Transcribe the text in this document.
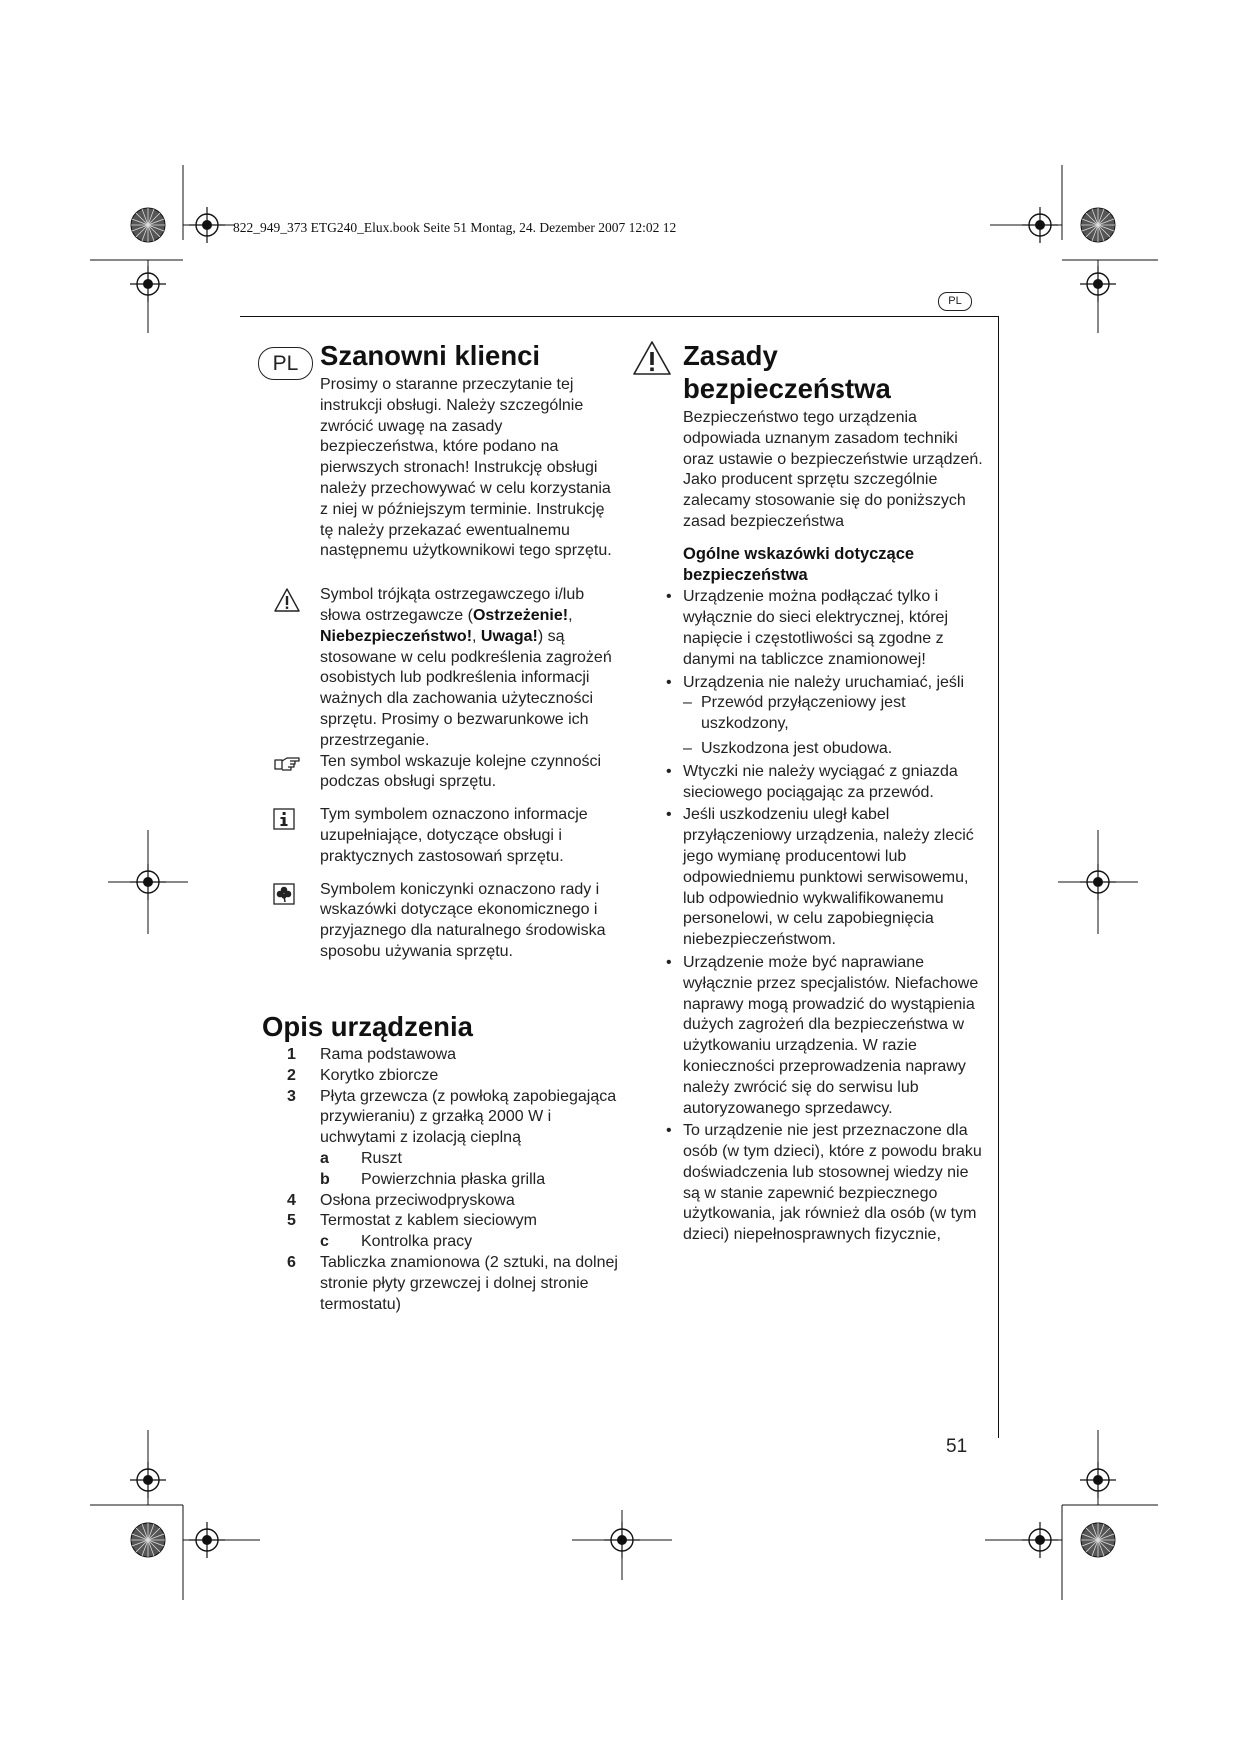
822_949_373 ETG240_Elux.book Seite 51 Montag, 24. Dezember 2007 12:02 12
PL
PL Szanowni klienci

Prosimy o staranne przeczytanie tej instrukcji obsługi. Należy szczególnie zwrócić uwagę na zasady bezpieczeństwa, które podano na pierwszych stronach! Instrukcję obsługi należy przechowywać w celu korzystania z niej w późniejszym terminie. Instrukcję tę należy przekazać ewentualnemu następnemu użytkownikowi tego sprzętu.

Symbol trójkąta ostrzegawczego i/lub słowa ostrzegawcze (Ostrzeżenie!, Niebezpieczeństwo!, Uwaga!) są stosowane w celu podkreślenia zagrożeń osobistych lub podkreślenia informacji ważnych dla zachowania użyteczności sprzętu. Prosimy o bezwarunkowe ich przestrzeganie.

Ten symbol wskazuje kolejne czynności podczas obsługi sprzętu.

Tym symbolem oznaczono informacje uzupełniające, dotyczące obsługi i praktycznych zastosowań sprzętu.

Symbolem koniczynki oznaczono rady i wskazówki dotyczące ekonomicznego i przyjaznego dla naturalnego środowiska sposobu używania sprzętu.

Opis urządzenia
1	Rama podstawowa
2	Korytko zbiorcze
3	Płyta grzewcza (z powłoką zapobiegająca przywieraniu) z grzałką 2000 W i uchwytami z izolacją cieplną
a	Ruszt
b	Powierzchnia płaska grilla
4	Osłona przeciwodpryskowa
5	Termostat z kablem sieciowym
c	Kontrolka pracy
6	Tabliczka znamionowa (2 sztuki, na dolnej stronie płyty grzewczej i dolnej stronie termostatu)
Zasady bezpieczeństwa

Bezpieczeństwo tego urządzenia odpowiada uznanym zasadom techniki oraz ustawie o bezpieczeństwie urządzeń. Jako producent sprzętu szczególnie zalecamy stosowanie się do poniższych zasad bezpieczeństwa

Ogólne wskazówki dotyczące bezpieczeństwa
• Urządzenie można podłączać tylko i wyłącznie do sieci elektrycznej, której napięcie i częstotliwości są zgodne z danymi na tabliczce znamionowej!

• Urządzenia nie należy uruchamiać, jeśli

– Przewód przyłączeniowy jest uszkodzony,
– Uszkodzona jest obudowa.
• Wtyczki nie należy wyciągać z gniazda sieciowego pociągając za przewód.

• Jeśli uszkodzeniu uległ kabel przyłączeniowy urządzenia, należy zlecić jego wymianę producentowi lub odpowiedniemu punktowi serwisowemu, lub odpowiednio wykwalifikowanemu personelowi, w celu zapobiegnięcia niebezpieczeństwom.

• Urządzenie może być naprawiane wyłącznie przez specjalistów. Niefachowe naprawy mogą prowadzić do wystąpienia dużych zagrożeń dla bezpieczeństwa w użytkowaniu urządzenia. W razie konieczności przeprowadzenia naprawy należy zwrócić się do serwisu lub autoryzowanego sprzedawcy.

• To urządzenie nie jest przeznaczone dla osób (w tym dzieci), które z powodu braku doświadczenia lub stosownej wiedzy nie są w stanie zapewnić bezpiecznego użytkowania, jak również dla osób (w tym dzieci) niepełnosprawnych fizycznie,

51
